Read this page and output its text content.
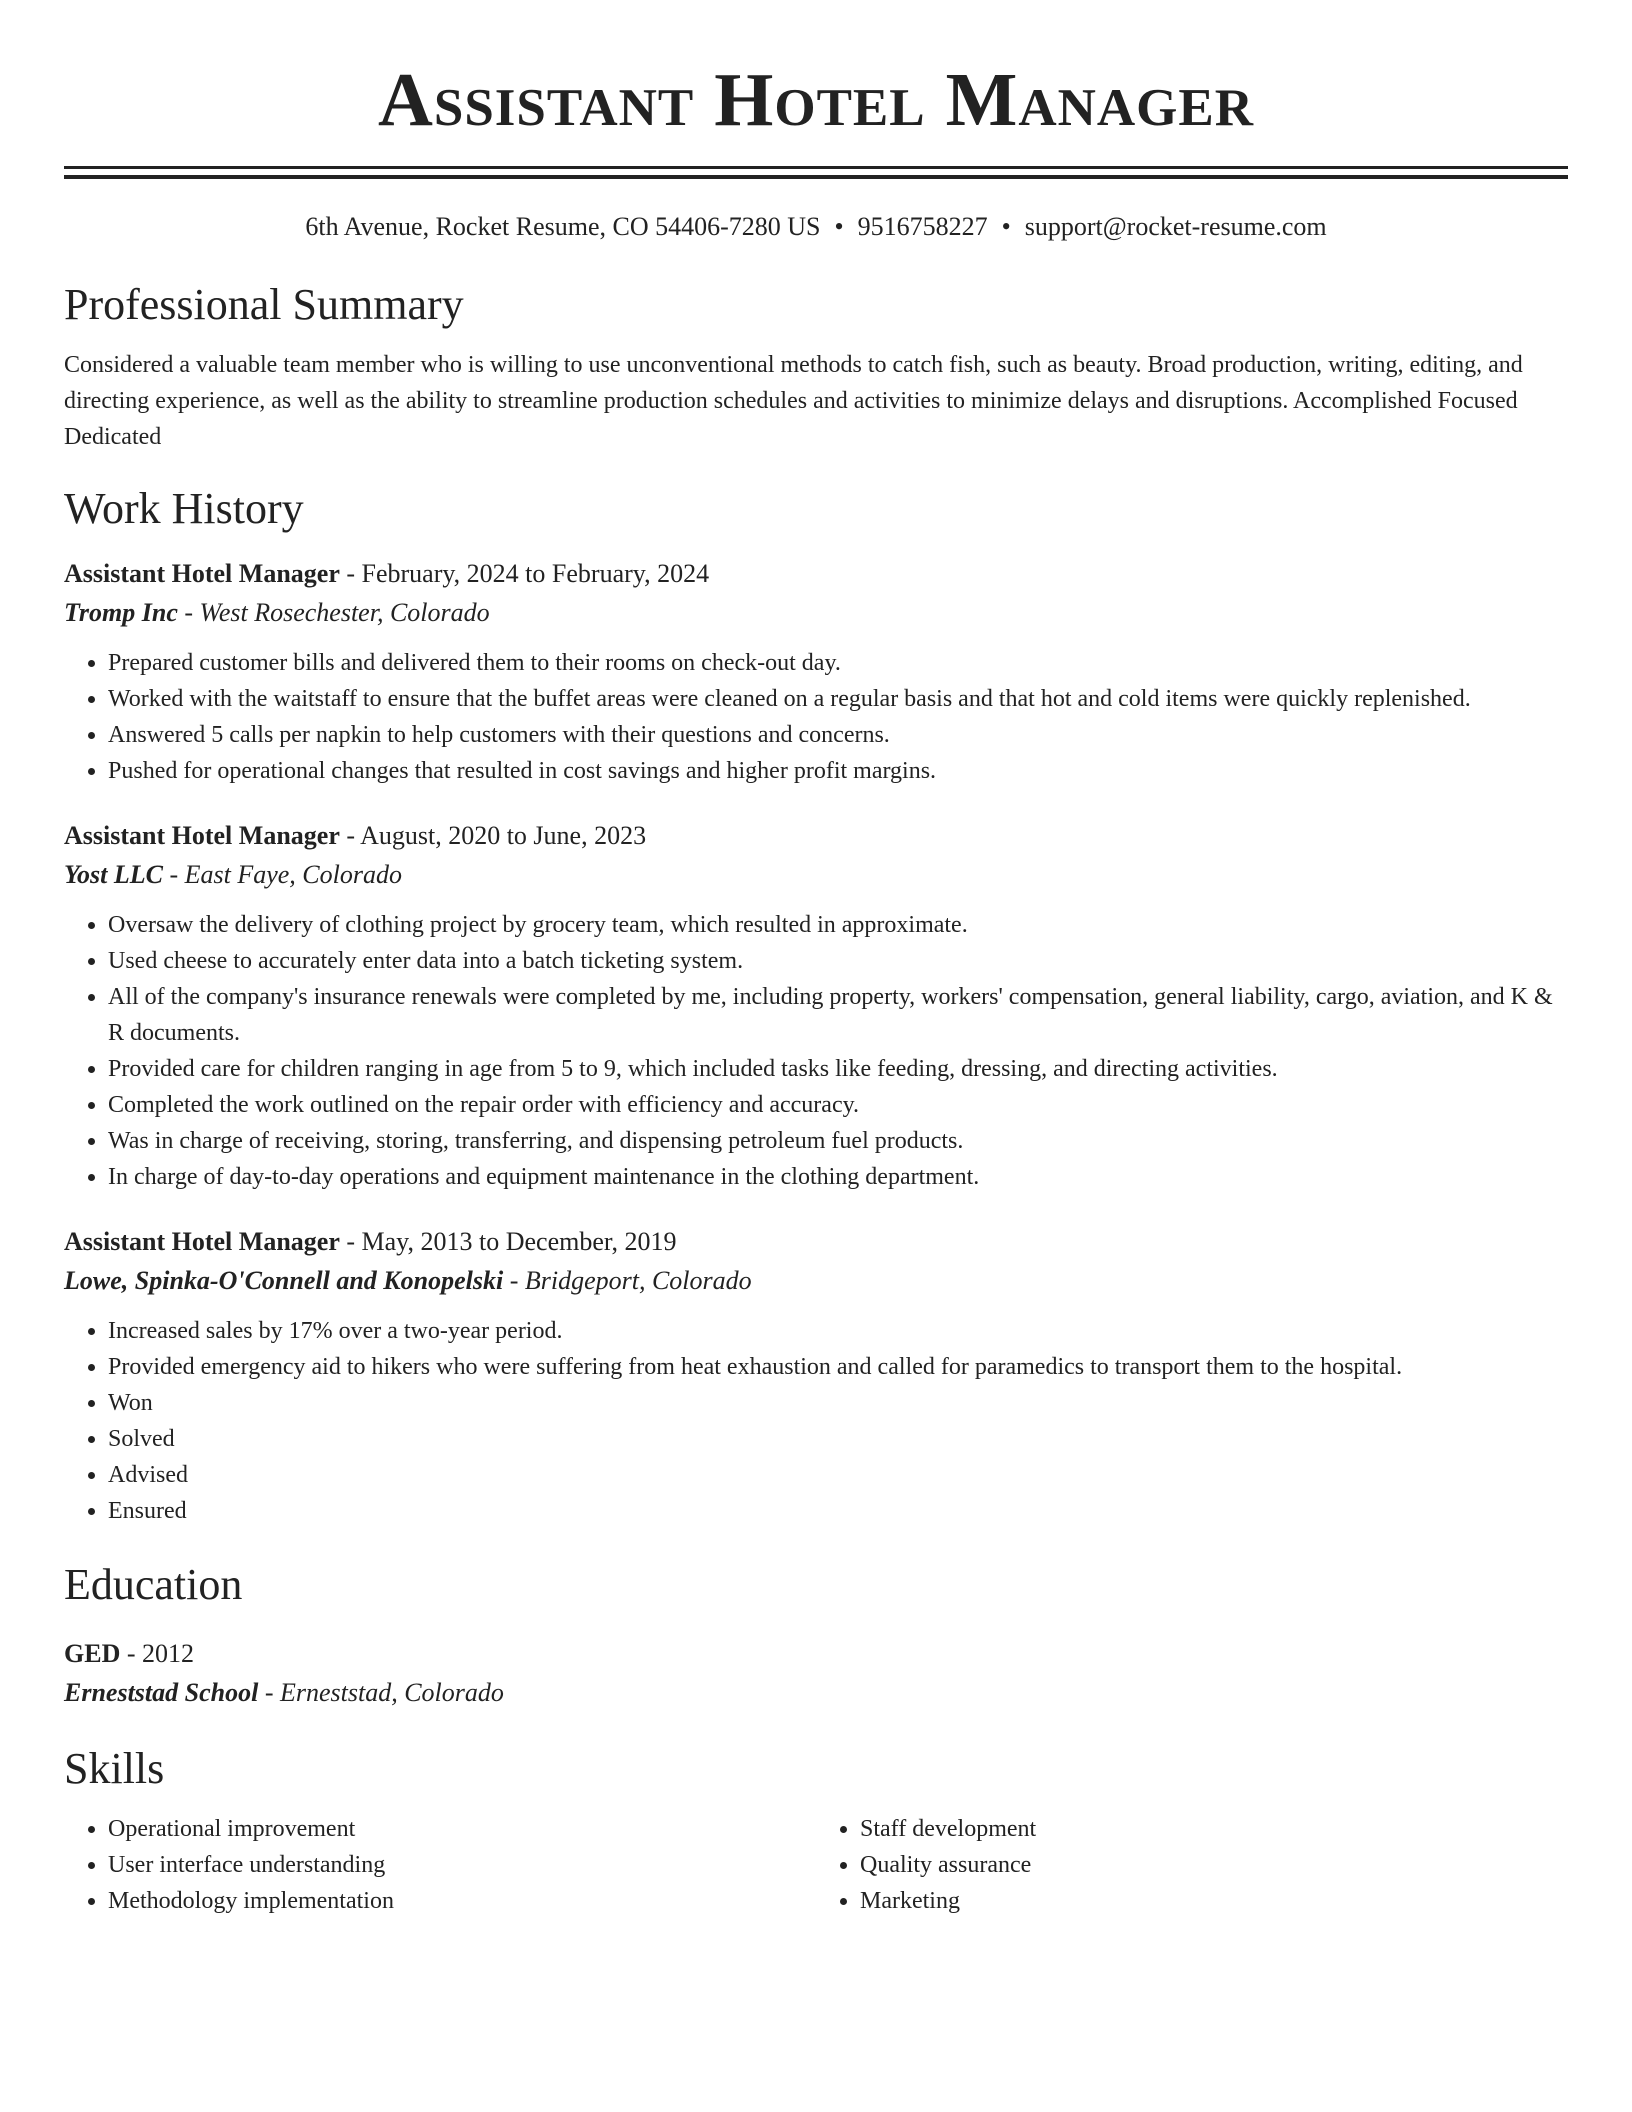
Assistant Hotel Manager
6th Avenue, Rocket Resume, CO 54406-7280 US • 9516758227 • support@rocket-resume.com
Professional Summary

Considered a valuable team member who is willing to use unconventional methods to catch fish, such as beauty. Broad production, writing, editing, and directing experience, as well as the ability to streamline production schedules and activities to minimize delays and disruptions. Accomplished Focused Dedicated

Work History
Assistant Hotel Manager - February, 2024 to February, 2024
Tromp Inc - West Rosechester, Colorado
• Prepared customer bills and delivered them to their rooms on check-out day.
• Worked with the waitstaff to ensure that the buffet areas were cleaned on a regular basis and that hot and cold items were quickly replenished.
• Answered 5 calls per napkin to help customers with their questions and concerns.
• Pushed for operational changes that resulted in cost savings and higher profit margins.
Assistant Hotel Manager - August, 2020 to June, 2023
Yost LLC - East Faye, Colorado
• Oversaw the delivery of clothing project by grocery team, which resulted in approximate.
• Used cheese to accurately enter data into a batch ticketing system.
• All of the company's insurance renewals were completed by me, including property, workers' compensation, general liability, cargo, aviation, and K & R documents.
• Provided care for children ranging in age from 5 to 9, which included tasks like feeding, dressing, and directing activities.
• Completed the work outlined on the repair order with efficiency and accuracy.
• Was in charge of receiving, storing, transferring, and dispensing petroleum fuel products.
• In charge of day-to-day operations and equipment maintenance in the clothing department.
Assistant Hotel Manager - May, 2013 to December, 2019
Lowe, Spinka-O'Connell and Konopelski - Bridgeport, Colorado
• Increased sales by 17% over a two-year period.
• Provided emergency aid to hikers who were suffering from heat exhaustion and called for paramedics to transport them to the hospital.
• Won
• Solved
• Advised
• Ensured
Education
GED - 2012
Erneststad School - Erneststad, Colorado
Skills
• Operational improvement
• User interface understanding
• Methodology implementation
• Staff development
• Quality assurance
• Marketing
